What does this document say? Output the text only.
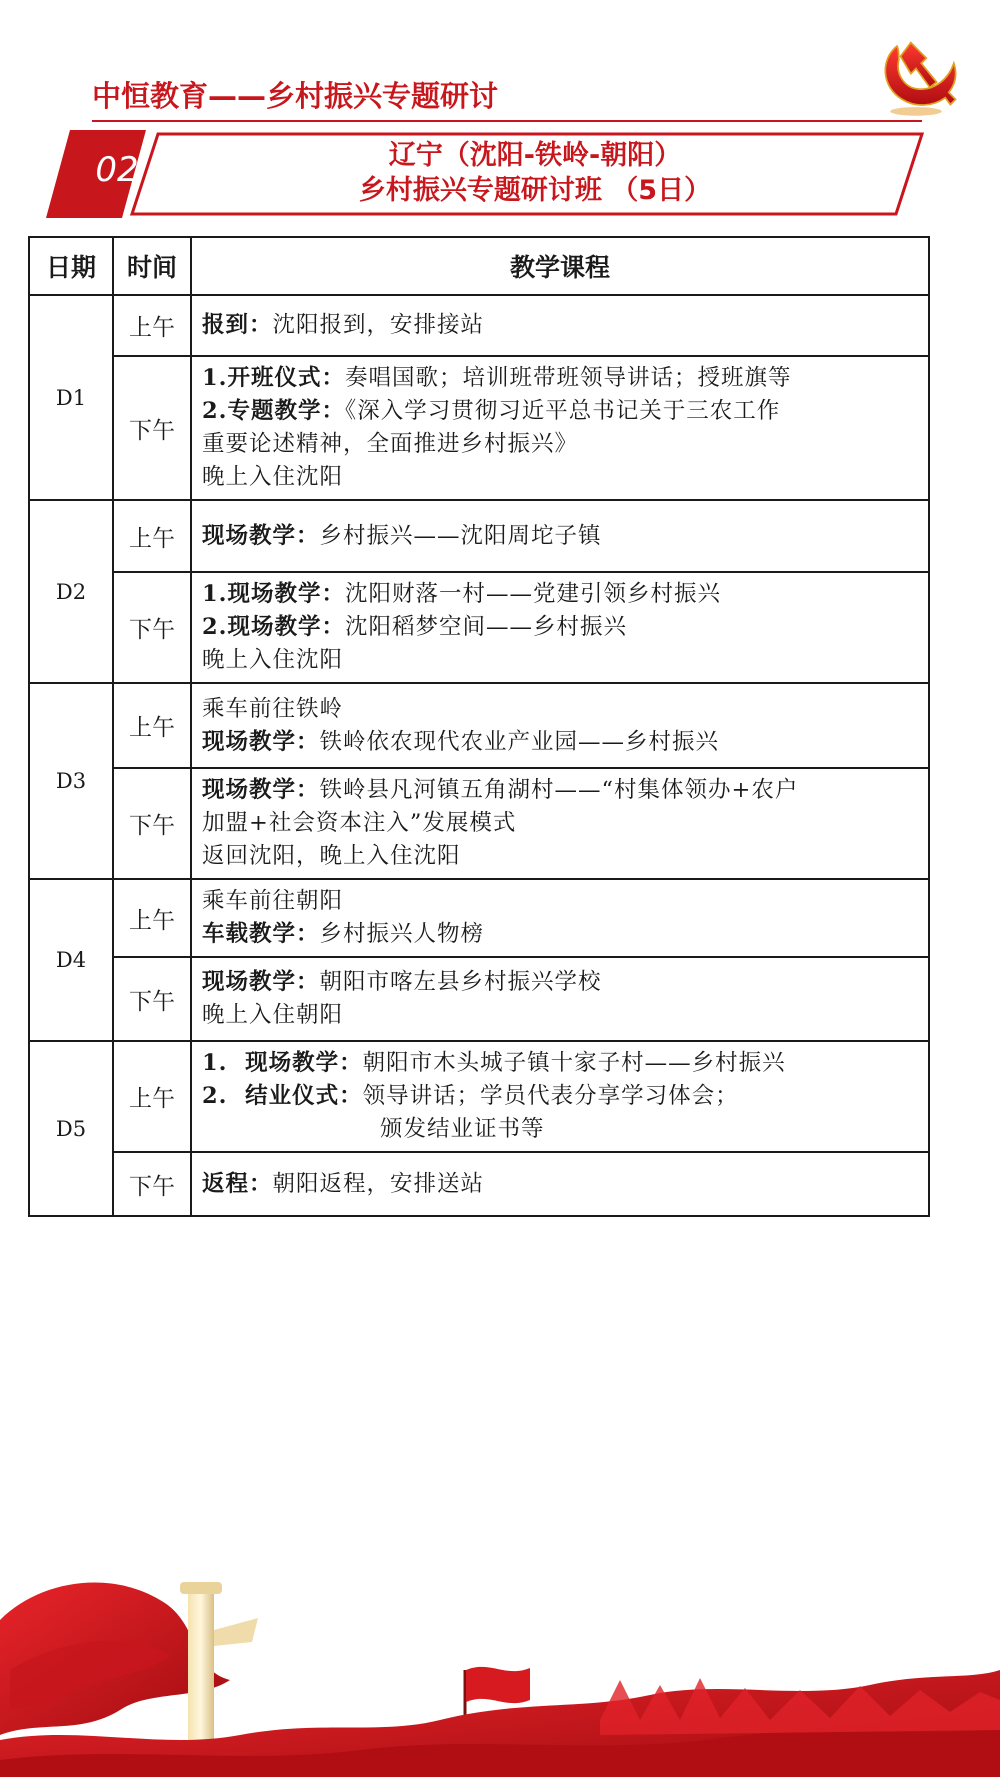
中恒教育——乡村振兴专题研讨
02	辽宁（沈阳-铁岭-朝阳）
乡村振兴专题研讨班 （5日）
日期	时间	教学课程
D1	上午	报到：沈阳报到，安排接站

	下午	1.开班仪式：奏唱国歌；培训班带班领导讲话；授班旗等
2.专题教学：《深入学习贯彻习近平总书记关于三农工作
重要论述精神，全面推进乡村振兴》
晚上入住沈阳

D2	上午	现场教学：乡村振兴——沈阳周坨子镇

	下午	1.现场教学：沈阳财落一村——党建引领乡村振兴
2.现场教学：沈阳稻梦空间——乡村振兴
晚上入住沈阳

D3	上午	乘车前往铁岭
现场教学：铁岭依农现代农业产业园——乡村振兴

	下午	现场教学：铁岭县凡河镇五角湖村——“村集体领办+农户
加盟+社会资本注入”发展模式
返回沈阳，晚上入住沈阳

D4	上午	乘车前往朝阳
车载教学：乡村振兴人物榜

	下午	现场教学：朝阳市喀左县乡村振兴学校
晚上入住朝阳

D5	上午	1.  现场教学：朝阳市木头城子镇十家子村——乡村振兴
2.  结业仪式：领导讲话；学员代表分享学习体会；
颁发结业证书等

	下午	返程：朝阳返程，安排送站
